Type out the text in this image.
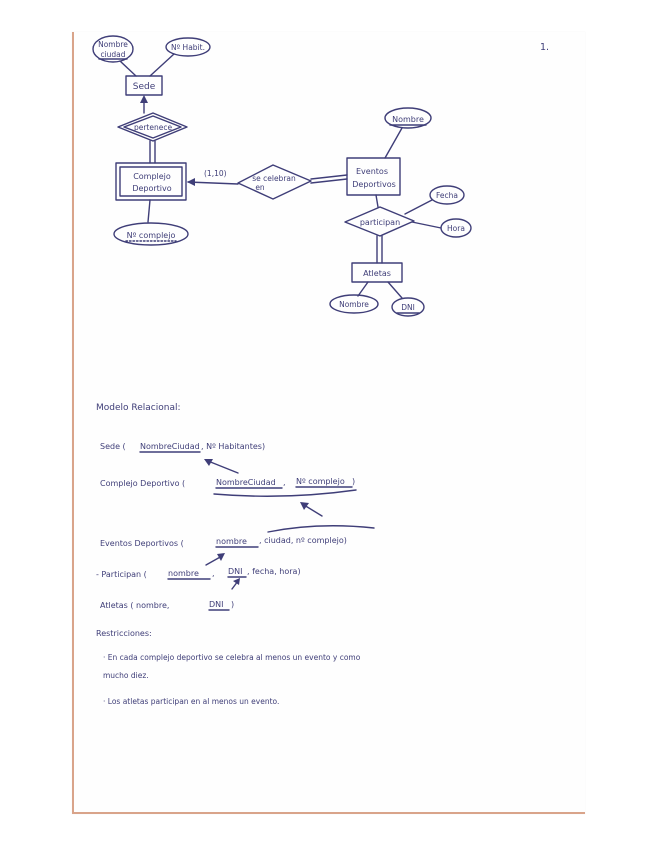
1.
Nombre
ciudad
Nº Habit.
Sede
pertenece
Complejo
Deportivo
Nº complejo
(1,10)
se celebran
en
Nombre
Eventos
Deportivos
participan
Fecha
Hora
Atletas
Nombre	DNI
Modelo Relacional:
Sede ( NombreCiudad , Nº Habitantes)
Complejo Deportivo (	NombreCiudad , Nº complejo )
Eventos Deportivos (	nombre , ciudad, nº complejo)
- Participan (	nombre , DNI , fecha, hora)
Atletas ( nombre,	DNI )
Restricciones:
· En cada complejo deportivo se celebra al menos un evento y como
mucho diez.
· Los atletas participan en al menos un evento.
